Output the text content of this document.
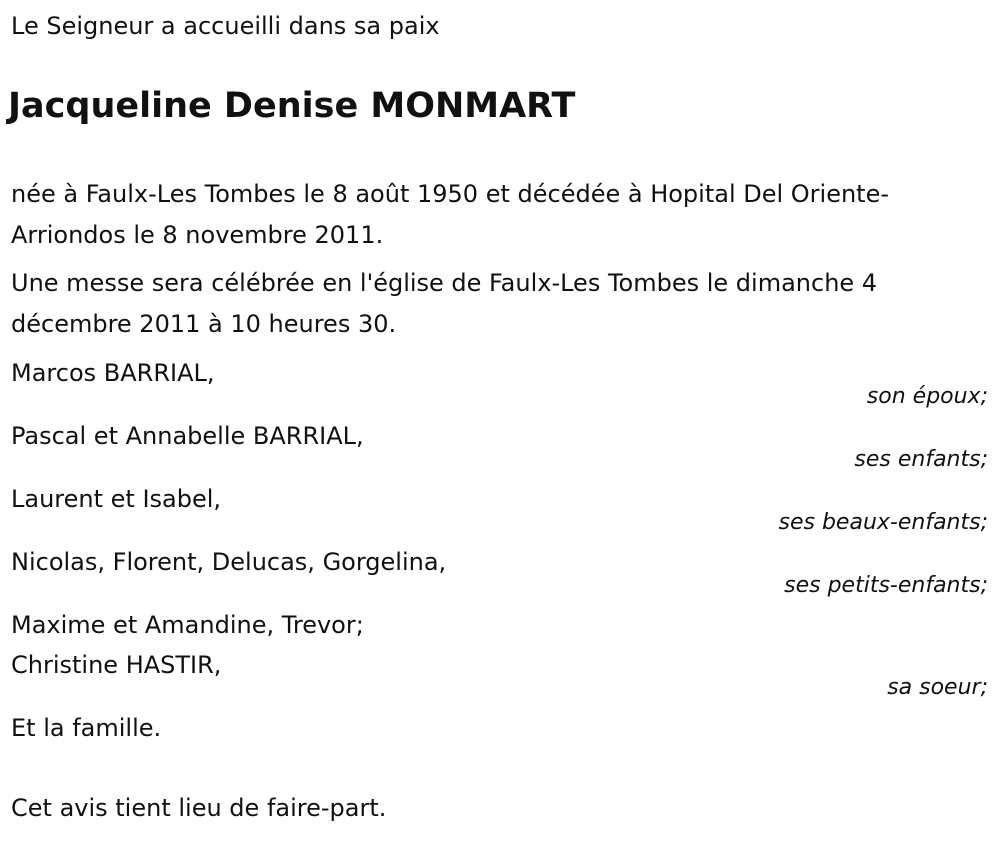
Le Seigneur a accueilli dans sa paix
Jacqueline Denise MONMART
née à Faulx-Les Tombes le 8 août 1950 et décédée à Hopital Del Oriente-Arriondos le 8 novembre 2011.
Une messe sera célébrée en l'église de Faulx-Les Tombes le dimanche 4 décembre 2011 à 10 heures 30.
Marcos BARRIAL,
son époux;
Pascal et Annabelle BARRIAL,
ses enfants;
Laurent et Isabel,
ses beaux-enfants;
Nicolas, Florent, Delucas, Gorgelina,
ses petits-enfants;
Maxime et Amandine, Trevor;
Christine HASTIR,
sa soeur;
Et la famille.
Cet avis tient lieu de faire-part.
